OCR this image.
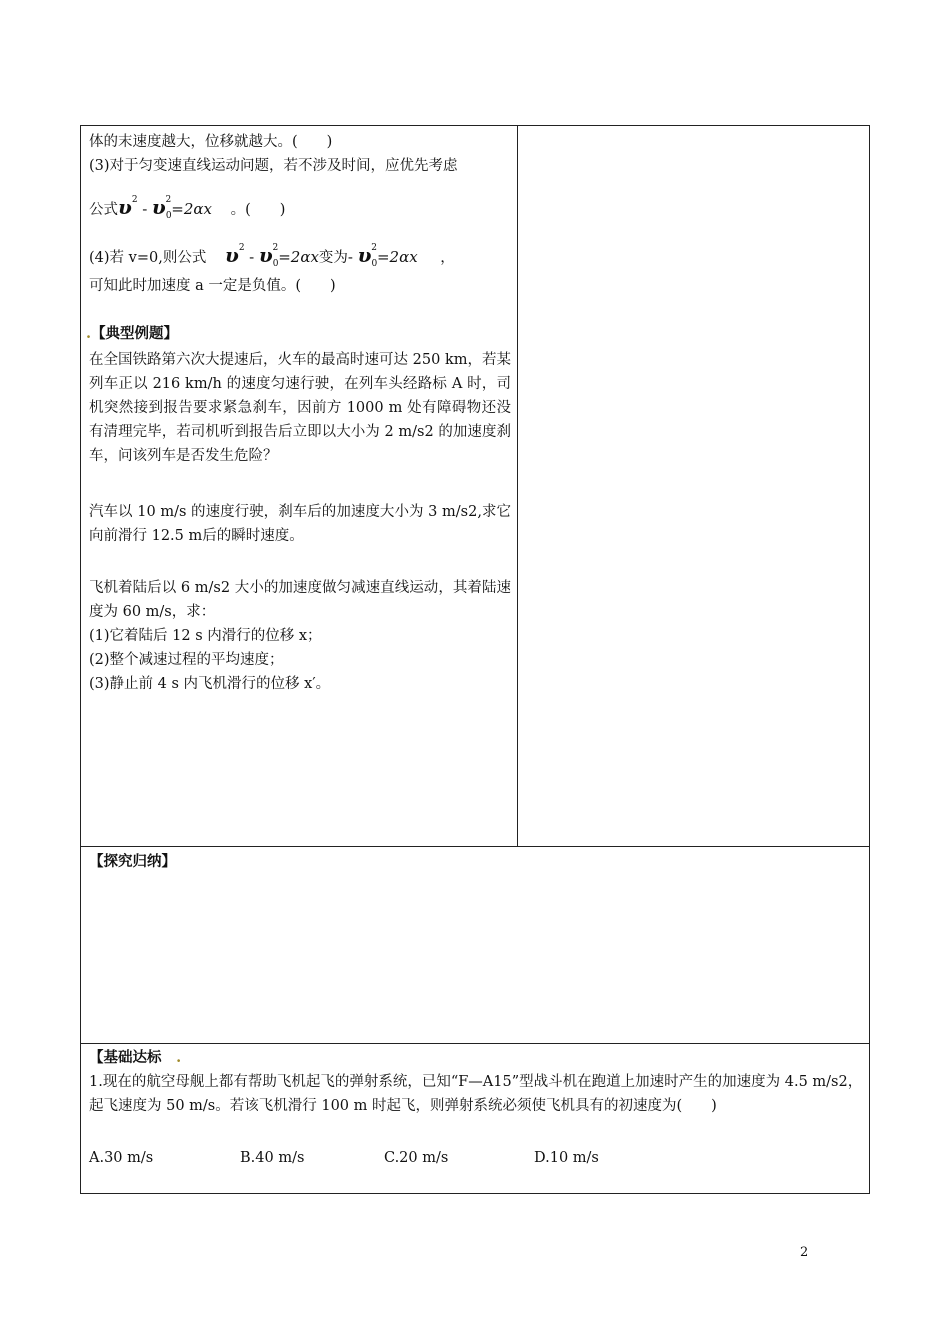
体的末速度越大，位移就越大。(　　)
(3)对于匀变速直线运动问题，若不涉及时间，应优先考虑
公式$\upsilon^2 - \upsilon_0^2=2\alpha x$ 。(　　)
(4)若 v=0,则公式 $\upsilon^2 - \upsilon_0^2=2\alpha x$变为- $\upsilon_0^2=2\alpha x$ ，
可知此时加速度 a 一定是负值。(　　)
.【典型例题】
在全国铁路第六次大提速后，火车的最高时速可达 250 km，若某列车正以 216 km/h 的速度匀速行驶，在列车头经路标 A 时，司机突然接到报告要求紧急刹车，因前方 1000 m 处有障碍物还没有清理完毕，若司机听到报告后立即以大小为 2 m/s2 的加速度刹车，问该列车是否发生危险？
汽车以 10 m/s 的速度行驶，刹车后的加速度大小为 3 m/s2,求它向前滑行 12.5 m后的瞬时速度。
飞机着陆后以 6 m/s2 大小的加速度做匀减速直线运动，其着陆速度为 60 m/s，求：
(1)它着陆后 12 s 内滑行的位移 x；
(2)整个减速过程的平均速度；
(3)静止前 4 s 内飞机滑行的位移 x′。
【探究归纳】
【基础达标 .
1.现在的航空母舰上都有帮助飞机起飞的弹射系统，已知“F—A15”型战斗机在跑道上加速时产生的加速度为 4.5 m/s2，起飞速度为 50 m/s。若该飞机滑行 100 m 时起飞，则弹射系统必须使飞机具有的初速度为(　　)
A.30 m/s	B.40 m/s	C.20 m/s	D.10 m/s
2
